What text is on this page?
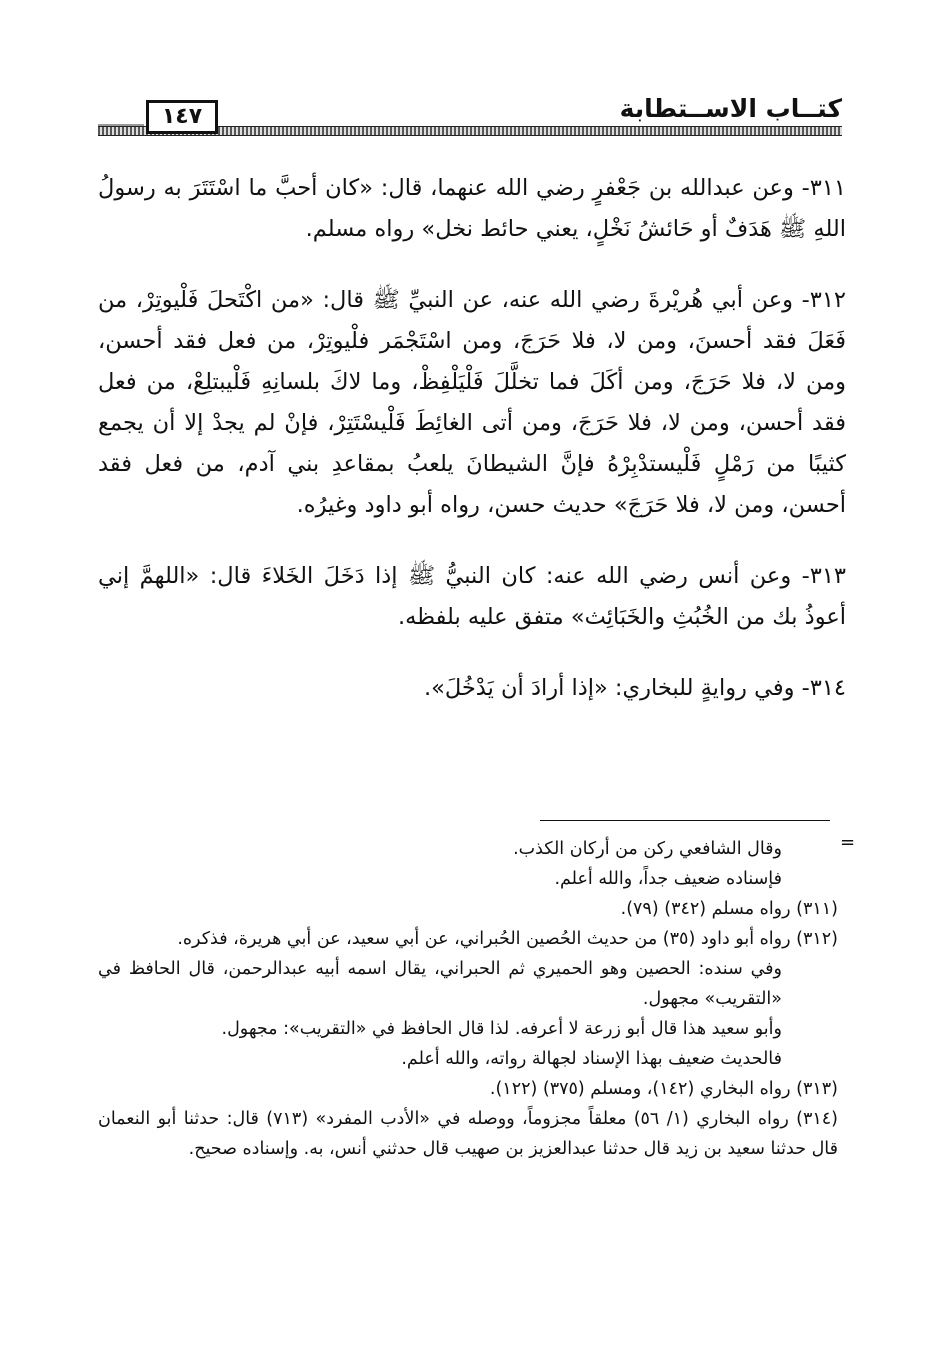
كتــاب الاســتطابة
١٤٧

٣١١- وعن عبدالله بن جَعْفرٍ رضي الله عنهما، قال: «كان أحبَّ ما اسْتَتَرَ به رسولُ اللهِ ﷺ هَدَفٌ أو حَائشُ نَخْلٍ، يعني حائط نخل» رواه مسلم.

٣١٢- وعن أبي هُريْرةَ رضي الله عنه، عن النبيِّ ﷺ قال: «من اكْتَحلَ فَلْيوتِرْ، من فَعَلَ فقد أحسنَ، ومن لا، فلا حَرَجَ، ومن اسْتَجْمَر فلْيوتِرْ، من فعل فقد أحسن، ومن لا، فلا حَرَجَ، ومن أكَلَ فما تخلَّلَ فَلْيَلْفِظْ، وما لاكَ بلسانِهِ فَلْيبتلِعْ، من فعل فقد أحسن، ومن لا، فلا حَرَجَ، ومن أتى الغائِطَ فَلْيسْتَتِرْ، فإنْ لم يجدْ إلا أن يجمع كثيبًا من رَمْلٍ فَلْيستدْبِرْهُ فإنَّ الشيطانَ يلعبُ بمقاعدِ بني آدم، من فعل فقد أحسن، ومن لا، فلا حَرَجَ» حديث حسن، رواه أبو داود وغيرُه.

٣١٣- وعن أنس رضي الله عنه: كان النبيُّ ﷺ إذا دَخَلَ الخَلاءَ قال: «اللهمَّ إني أعوذُ بك من الخُبُثِ والخَبَائِث» متفق عليه بلفظه.

٣١٤- وفي روايةٍ للبخاري: «إذا أرادَ أن يَدْخُلَ».

=

وقال الشافعي ركن من أركان الكذب.

فإسناده ضعيف جداً، والله أعلم.

(٣١١) رواه مسلم (٣٤٢) (٧٩).

(٣١٢) رواه أبو داود (٣٥) من حديث الحُصين الحُبراني، عن أبي سعيد، عن أبي هريرة، فذكره.

وفي سنده: الحصين وهو الحميري ثم الحبراني، يقال اسمه أبيه عبدالرحمن، قال الحافظ في «التقريب» مجهول.

وأبو سعيد هذا قال أبو زرعة لا أعرفه. لذا قال الحافظ في «التقريب»: مجهول.

فالحديث ضعيف بهذا الإسناد لجهالة رواته، والله أعلم.

(٣١٣) رواه البخاري (١٤٢)، ومسلم (٣٧٥) (١٢٢).

(٣١٤) رواه البخاري (١/ ٥٦) معلقاً مجزوماً، ووصله في «الأدب المفرد» (٧١٣) قال: حدثنا أبو النعمان قال حدثنا سعيد بن زيد قال حدثنا عبدالعزيز بن صهيب قال حدثني أنس، به. وإسناده صحيح.
